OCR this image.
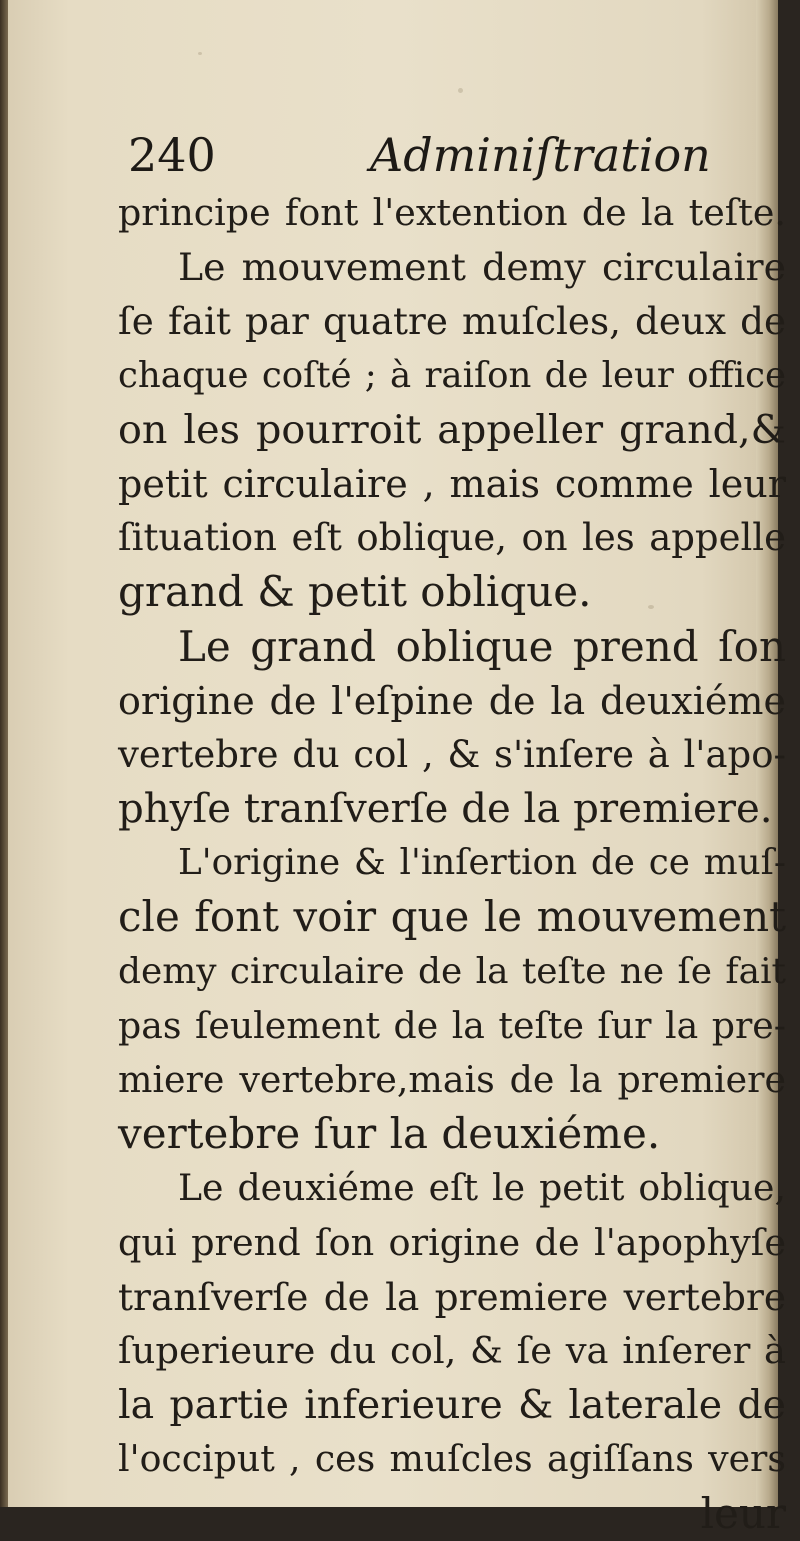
240	Adminiſtration
principe font l'extention de la teſte.
Le mouvement demy circulaire
ſe fait par quatre muſcles, deux de
chaque coſté ; à raiſon de leur office
on les pourroit appeller grand,&
petit circulaire , mais comme leur
ſituation eſt oblique, on les appelle
grand & petit oblique.
Le grand oblique prend ſon
origine de l'eſpine de la deuxiéme
vertebre du col , & s'inſere à l'apo-
phyſe tranſverſe de la premiere.
L'origine & l'inſertion de ce muſ-
cle font voir que le mouvement
demy circulaire de la teſte ne ſe fait
pas ſeulement de la teſte ſur la pre-
miere vertebre,mais de la premiere
vertebre ſur la deuxiéme.
Le deuxiéme eſt le petit oblique,
qui prend ſon origine de l'apophyſe
tranſverſe de la premiere vertebre
ſuperieure du col, & ſe va inſerer à
la partie inferieure & laterale de
l'occiput , ces muſcles agiſſans vers
leur
